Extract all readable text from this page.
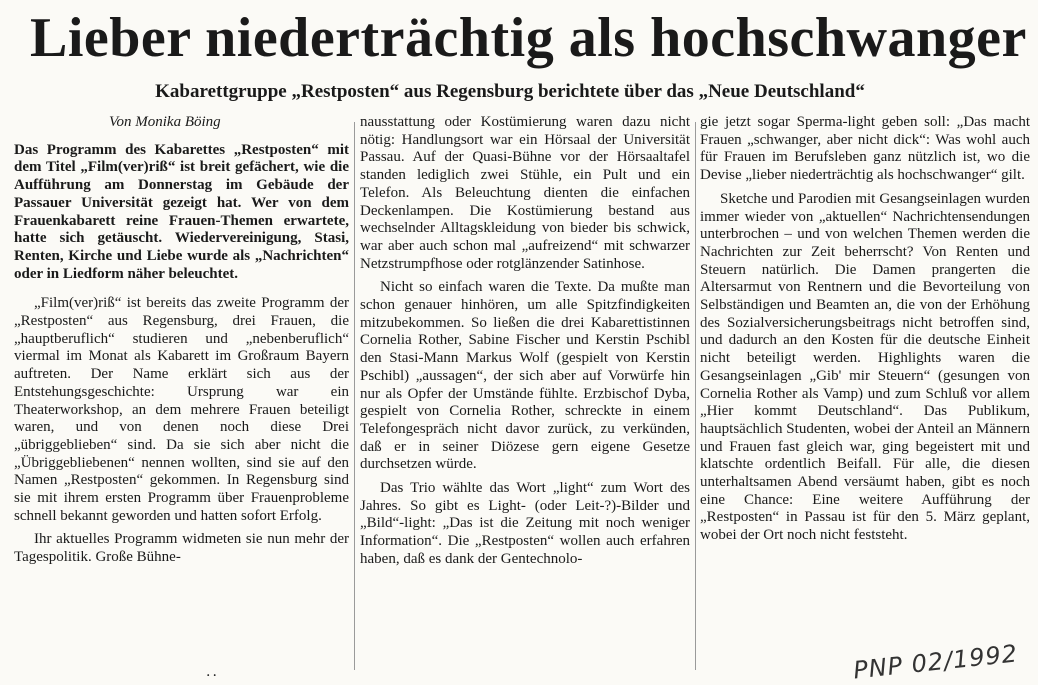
Lieber niederträchtig als hochschwanger
Kabarettgruppe „Restposten“ aus Regensburg berichtete über das „Neue Deutschland“

Von Monika Böing

Das Programm des Kabarettes „Restposten“ mit dem Titel „Film(ver)riß“ ist breit gefächert, wie die Aufführung am Donnerstag im Gebäude der Passauer Universität gezeigt hat. Wer von dem Frauenkabarett reine Frauen-Themen erwartete, hatte sich getäuscht. Wiedervereinigung, Stasi, Renten, Kirche und Liebe wurde als „Nachrichten“ oder in Liedform näher beleuchtet.

„Film(ver)riß“ ist bereits das zweite Programm der „Restposten“ aus Regensburg, drei Frauen, die „hauptberuflich“ studieren und „nebenberuflich“ viermal im Monat als Kabarett im Großraum Bayern auftreten. Der Name erklärt sich aus der Entstehungsgeschichte: Ursprung war ein Theaterworkshop, an dem mehrere Frauen beteiligt waren, und von denen noch diese Drei „übriggeblieben“ sind. Da sie sich aber nicht die „Übriggebliebenen“ nennen wollten, sind sie auf den Namen „Restposten“ gekommen. In Regensburg sind sie mit ihrem ersten Programm über Frauenprobleme schnell bekannt geworden und hatten sofort Erfolg.

Ihr aktuelles Programm widmeten sie nun mehr der Tagespolitik. Große Bühne-

nausstattung oder Kostümierung waren dazu nicht nötig: Handlungsort war ein Hörsaal der Universität Passau. Auf der Quasi-Bühne vor der Hörsaaltafel standen lediglich zwei Stühle, ein Pult und ein Telefon. Als Beleuchtung dienten die einfachen Deckenlampen. Die Kostümierung bestand aus wechselnder Alltagskleidung von bieder bis schwick, war aber auch schon mal „aufreizend“ mit schwarzer Netzstrumpfhose oder rotglänzender Satinhose.

Nicht so einfach waren die Texte. Da mußte man schon genauer hinhören, um alle Spitzfindigkeiten mitzubekommen. So ließen die drei Kabarettistinnen Cornelia Rother, Sabine Fischer und Kerstin Pschibl den Stasi-Mann Markus Wolf (gespielt von Kerstin Pschibl) „aussagen“, der sich aber auf Vorwürfe hin nur als Opfer der Umstände fühlte. Erzbischof Dyba, gespielt von Cornelia Rother, schreckte in einem Telefongespräch nicht davor zurück, zu verkünden, daß er in seiner Diözese gern eigene Gesetze durchsetzen würde.

Das Trio wählte das Wort „light“ zum Wort des Jahres. So gibt es Light- (oder Leit-?)-Bilder und „Bild“-light: „Das ist die Zeitung mit noch weniger Information“. Die „Restposten“ wollen auch erfahren haben, daß es dank der Gentechnolo-

gie jetzt sogar Sperma-light geben soll: „Das macht Frauen „schwanger, aber nicht dick“: Was wohl auch für Frauen im Berufsleben ganz nützlich ist, wo die Devise „lieber niederträchtig als hochschwanger“ gilt.

Sketche und Parodien mit Gesangseinlagen wurden immer wieder von „aktuellen“ Nachrichtensendungen unterbrochen – und von welchen Themen werden die Nachrichten zur Zeit beherrscht? Von Renten und Steuern natürlich. Die Damen prangerten die Altersarmut von Rentnern und die Bevorteilung von Selbständigen und Beamten an, die von der Erhöhung des Sozialversicherungsbeitrags nicht betroffen sind, und dadurch an den Kosten für die deutsche Einheit nicht beteiligt werden. Highlights waren die Gesangseinlagen „Gib' mir Steuern“ (gesungen von Cornelia Rother als Vamp) und zum Schluß vor allem „Hier kommt Deutschland“. Das Publikum, hauptsächlich Studenten, wobei der Anteil an Männern und Frauen fast gleich war, ging begeistert mit und klatschte ordentlich Beifall. Für alle, die diesen unterhaltsamen Abend versäumt haben, gibt es noch eine Chance: Eine weitere Aufführung der „Restposten“ in Passau ist für den 5. März geplant, wobei der Ort noch nicht feststeht.

PNP 02/1992
··
